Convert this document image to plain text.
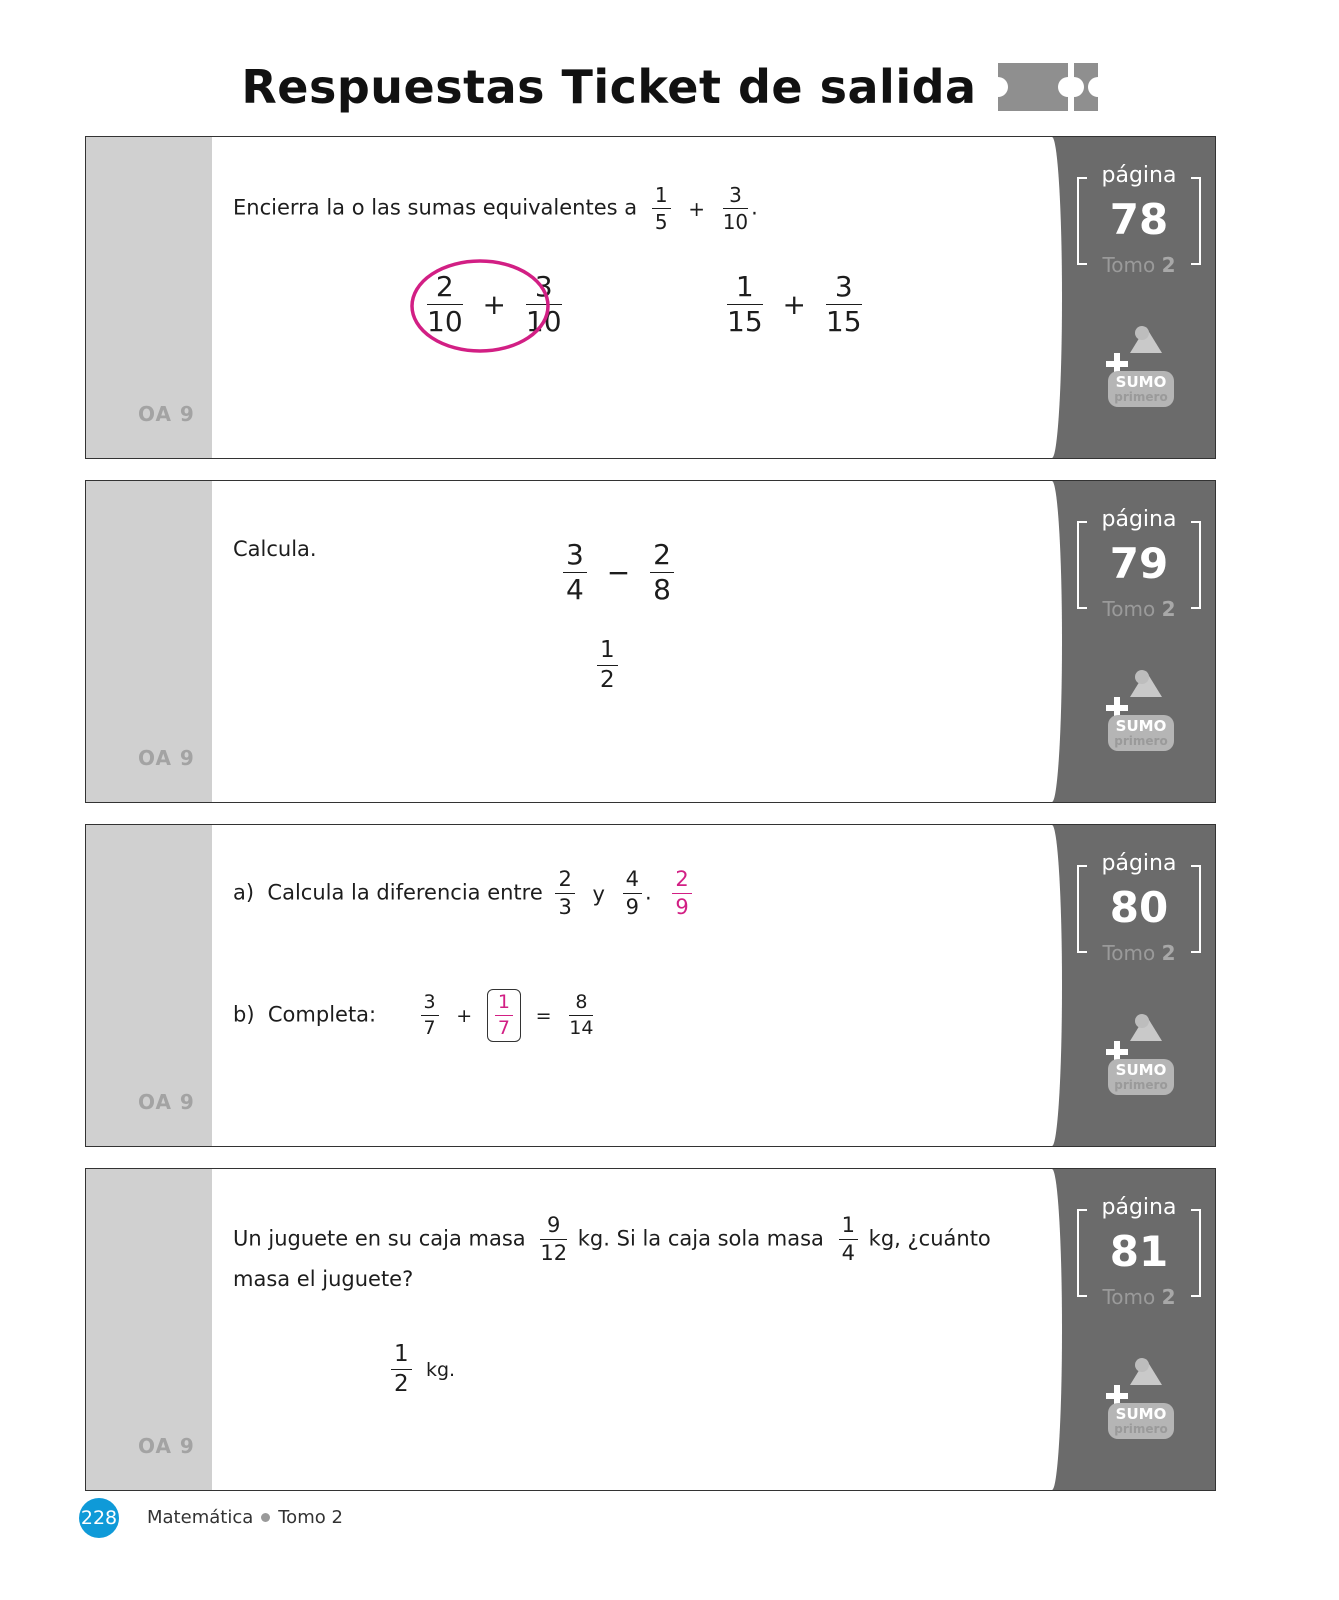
Respuestas Ticket de salida
OA 9
Encierra la o las sumas equivalentes a $\frac{1}{5} + \frac{3}{10}$ .
$\frac{2}{10} + \frac{3}{10}$	$\frac{1}{15} + \frac{3}{15}$
página
78
Tomo 2
SUMO
primero
OA 9
Calcula.	$\frac{3}{4} - \frac{2}{8}$
$\frac{1}{2}$
página
79
Tomo 2
SUMO
primero
OA 9
a) Calcula la diferencia entre $\frac{2}{3}$ y $\frac{4}{9}$ . $\frac{2}{9}$
b) Completa: $\frac{3}{7} + \frac{1}{7} = \frac{8}{14}$
página
80
Tomo 2
SUMO
primero
OA 9
Un juguete en su caja masa $\frac{9}{12}$ kg. Si la caja sola masa $\frac{1}{4}$ kg, ¿cuánto
masa el juguete?
$\frac{1}{2}$ kg.
página
81
Tomo 2
SUMO
primero
228 Matemática Tomo 2
